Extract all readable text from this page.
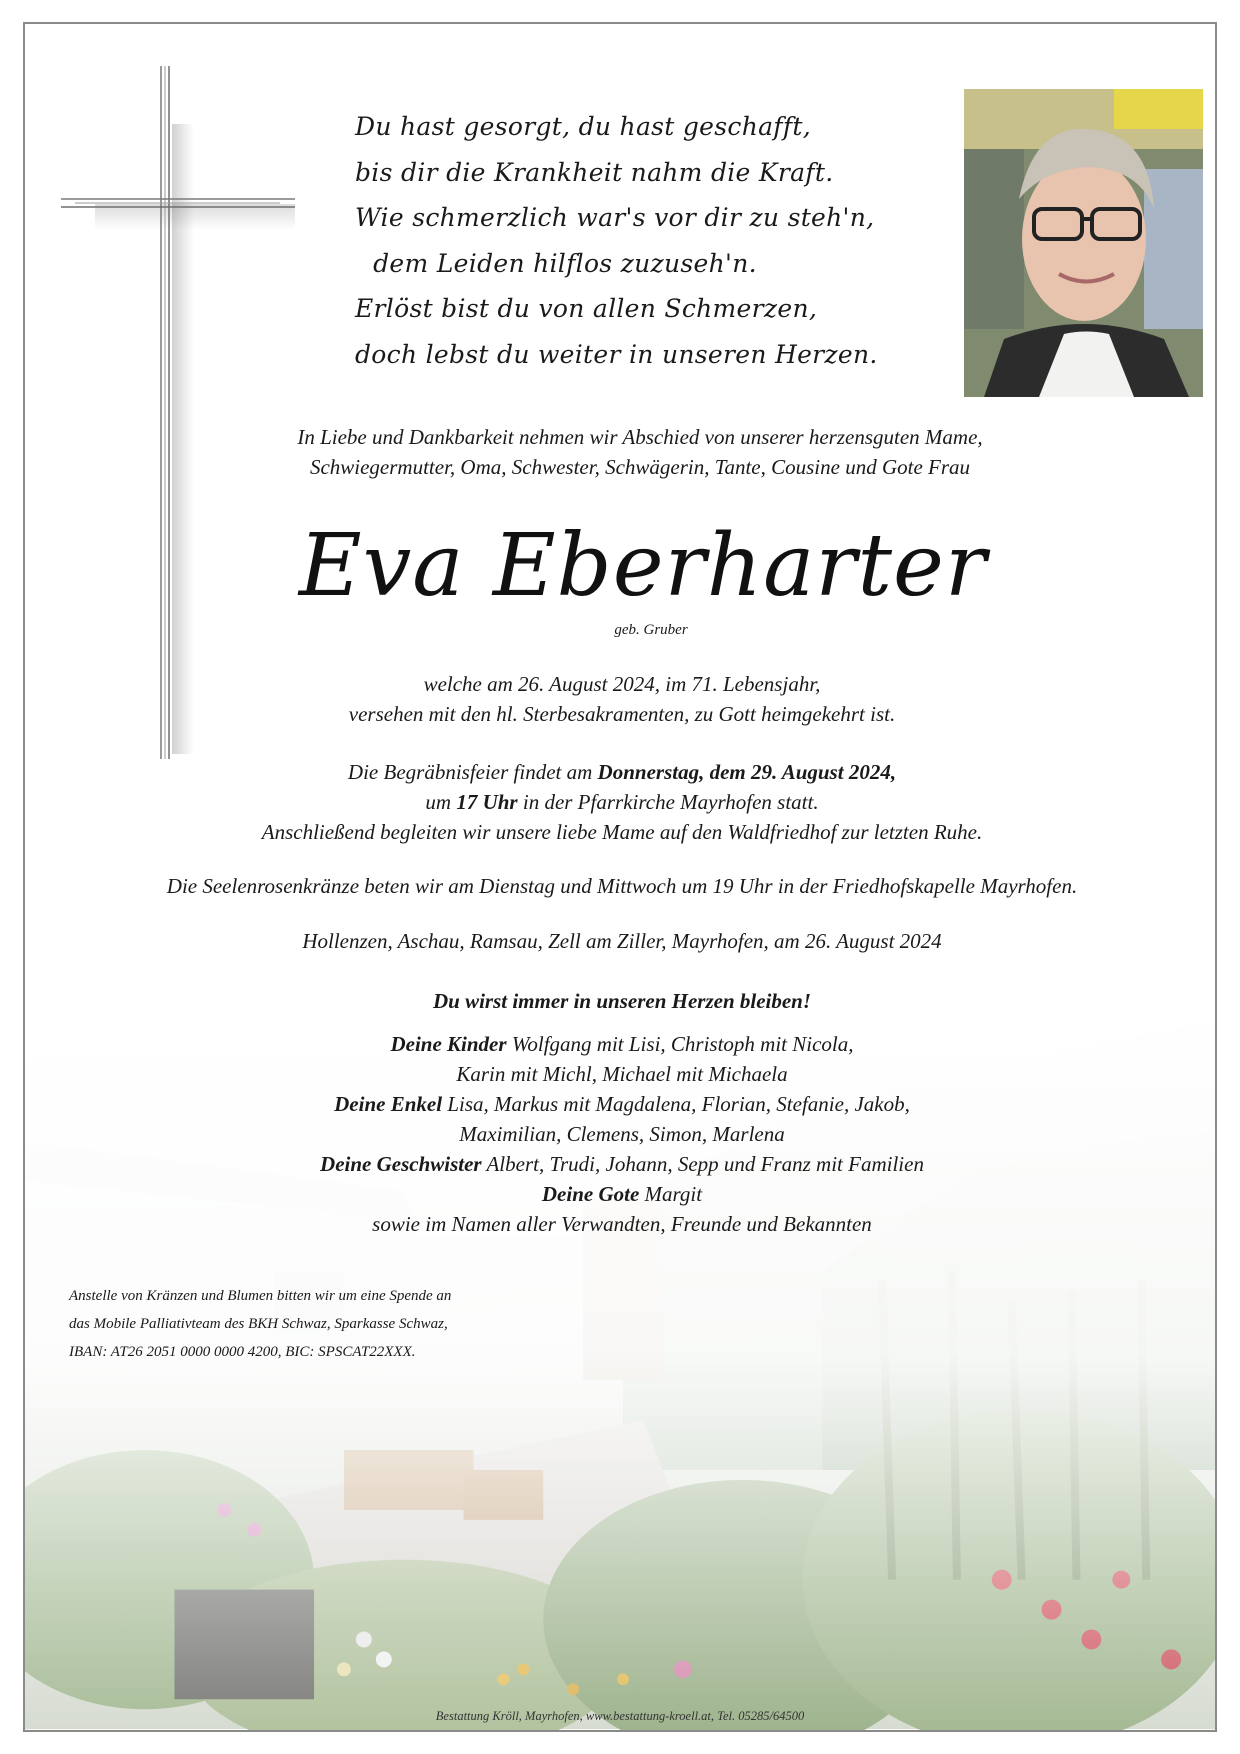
Du hast gesorgt, du hast geschafft,
bis dir die Krankheit nahm die Kraft.
Wie schmerzlich war's vor dir zu steh'n,
dem Leiden hilflos zuzuseh'n.
Erlöst bist du von allen Schmerzen,
doch lebst du weiter in unseren Herzen.
In Liebe und Dankbarkeit nehmen wir Abschied von unserer herzensguten Mame,
Schwiegermutter, Oma, Schwester, Schwägerin, Tante, Cousine und Gote Frau
Eva Eberharter
geb. Gruber
welche am 26. August 2024, im 71. Lebensjahr,
versehen mit den hl. Sterbesakramenten, zu Gott heimgekehrt ist.
Die Begräbnisfeier findet am Donnerstag, dem 29. August 2024,
um 17 Uhr in der Pfarrkirche Mayrhofen statt.
Anschließend begleiten wir unsere liebe Mame auf den Waldfriedhof zur letzten Ruhe.
Die Seelenrosenkränze beten wir am Dienstag und Mittwoch um 19 Uhr in der Friedhofskapelle Mayrhofen.
Hollenzen, Aschau, Ramsau, Zell am Ziller, Mayrhofen, am 26. August 2024
Du wirst immer in unseren Herzen bleiben!
Deine Kinder Wolfgang mit Lisi, Christoph mit Nicola,
Karin mit Michl, Michael mit Michaela
Deine Enkel Lisa, Markus mit Magdalena, Florian, Stefanie, Jakob,
Maximilian, Clemens, Simon, Marlena
Deine Geschwister Albert, Trudi, Johann, Sepp und Franz mit Familien
Deine Gote Margit
sowie im Namen aller Verwandten, Freunde und Bekannten
Anstelle von Kränzen und Blumen bitten wir um eine Spende an
das Mobile Palliativteam des BKH Schwaz, Sparkasse Schwaz,
IBAN: AT26 2051 0000 0000 4200, BIC: SPSCAT22XXX.
Bestattung Kröll, Mayrhofen, www.bestattung-kroell.at, Tel. 05285/64500
